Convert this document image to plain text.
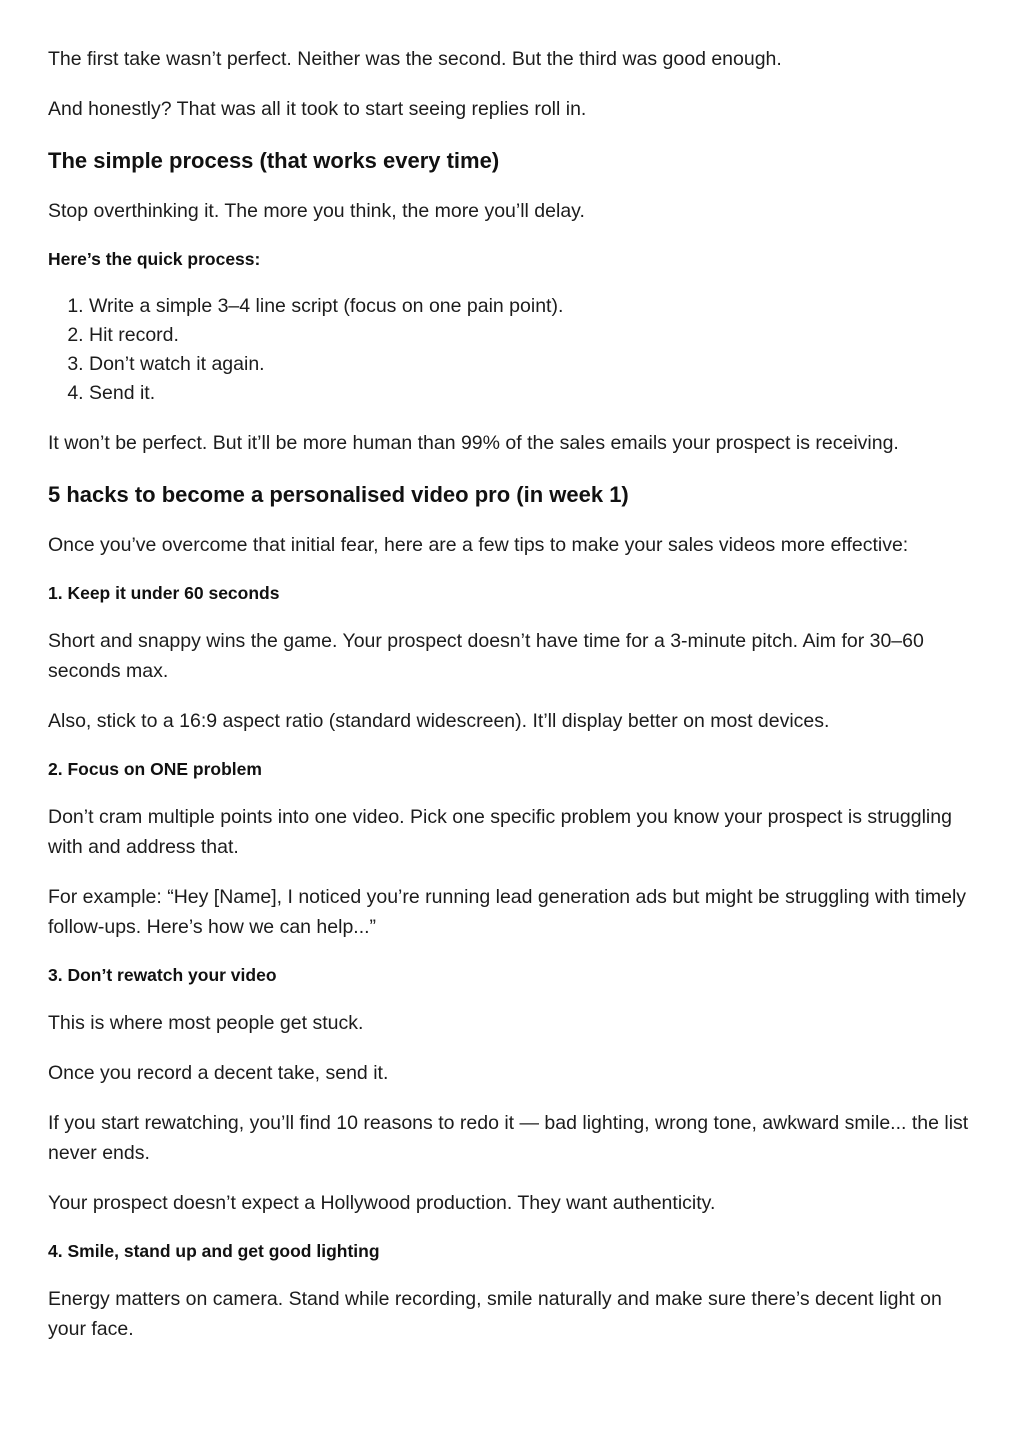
The first take wasn’t perfect. Neither was the second. But the third was good enough.

And honestly? That was all it took to start seeing replies roll in.

The simple process (that works every time)

Stop overthinking it. The more you think, the more you’ll delay.

Here’s the quick process:
1. Write a simple 3–4 line script (focus on one pain point).
2. Hit record.
3. Don’t watch it again.
4. Send it.

It won’t be perfect. But it’ll be more human than 99% of the sales emails your prospect is receiving.

5 hacks to become a personalised video pro (in week 1)

Once you’ve overcome that initial fear, here are a few tips to make your sales videos more effective:

1. Keep it under 60 seconds

Short and snappy wins the game. Your prospect doesn’t have time for a 3-minute pitch. Aim for 30–60 seconds max.

Also, stick to a 16:9 aspect ratio (standard widescreen). It’ll display better on most devices.

2. Focus on ONE problem

Don’t cram multiple points into one video. Pick one specific problem you know your prospect is struggling with and address that.

For example: “Hey [Name], I noticed you’re running lead generation ads but might be struggling with timely follow-ups. Here’s how we can help...”

3. Don’t rewatch your video

This is where most people get stuck.

Once you record a decent take, send it.

If you start rewatching, you’ll find 10 reasons to redo it — bad lighting, wrong tone, awkward smile... the list never ends.

Your prospect doesn’t expect a Hollywood production. They want authenticity.

4. Smile, stand up and get good lighting

Energy matters on camera. Stand while recording, smile naturally and make sure there’s decent light on your face.
